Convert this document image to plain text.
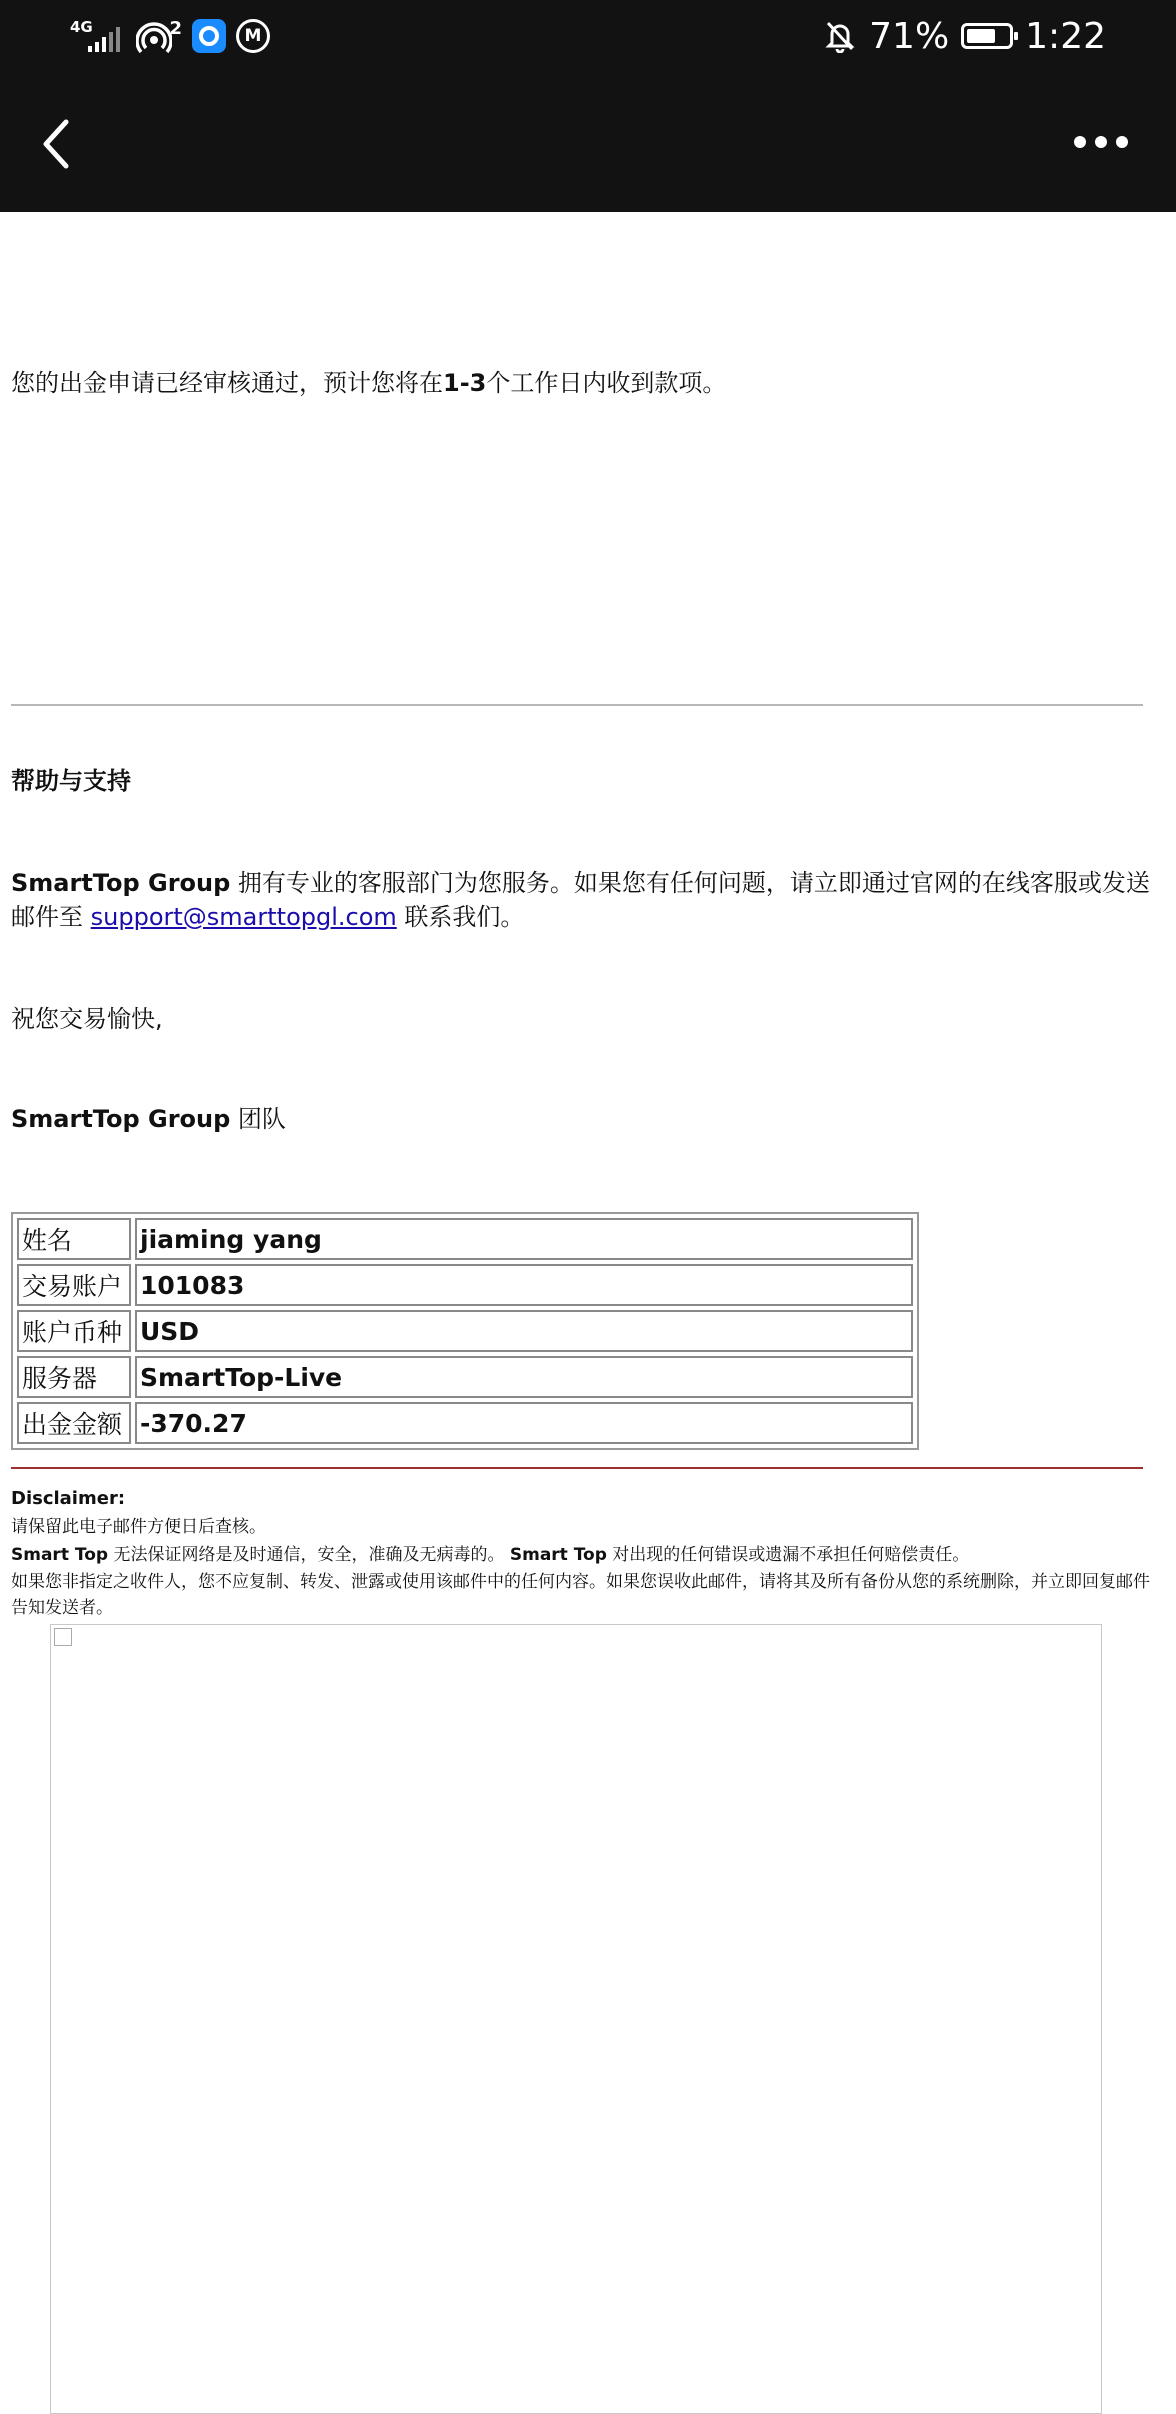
4G	2	M	71% 1:22
您的出金申请已经审核通过，预计您将在1-3个工作日内收到款项。
帮助与支持
SmartTop Group 拥有专业的客服部门为您服务。如果您有任何问题，请立即通过官网的在线客服或发送邮件至 support@smarttopgl.com 联系我们。
祝您交易愉快,
SmartTop Group 团队
姓名	jiaming yang
交易账户	101083
账户币种	USD
服务器	SmartTop-Live
出金金额	-370.27
Disclaimer:
请保留此电子邮件方便日后查核。
Smart Top 无法保证网络是及时通信，安全，准确及无病毒的。 Smart Top 对出现的任何错误或遗漏不承担任何赔偿责任。
如果您非指定之收件人，您不应复制、转发、泄露或使用该邮件中的任何内容。如果您误收此邮件，请将其及所有备份从您的系统删除，并立即回复邮件告知发送者。
